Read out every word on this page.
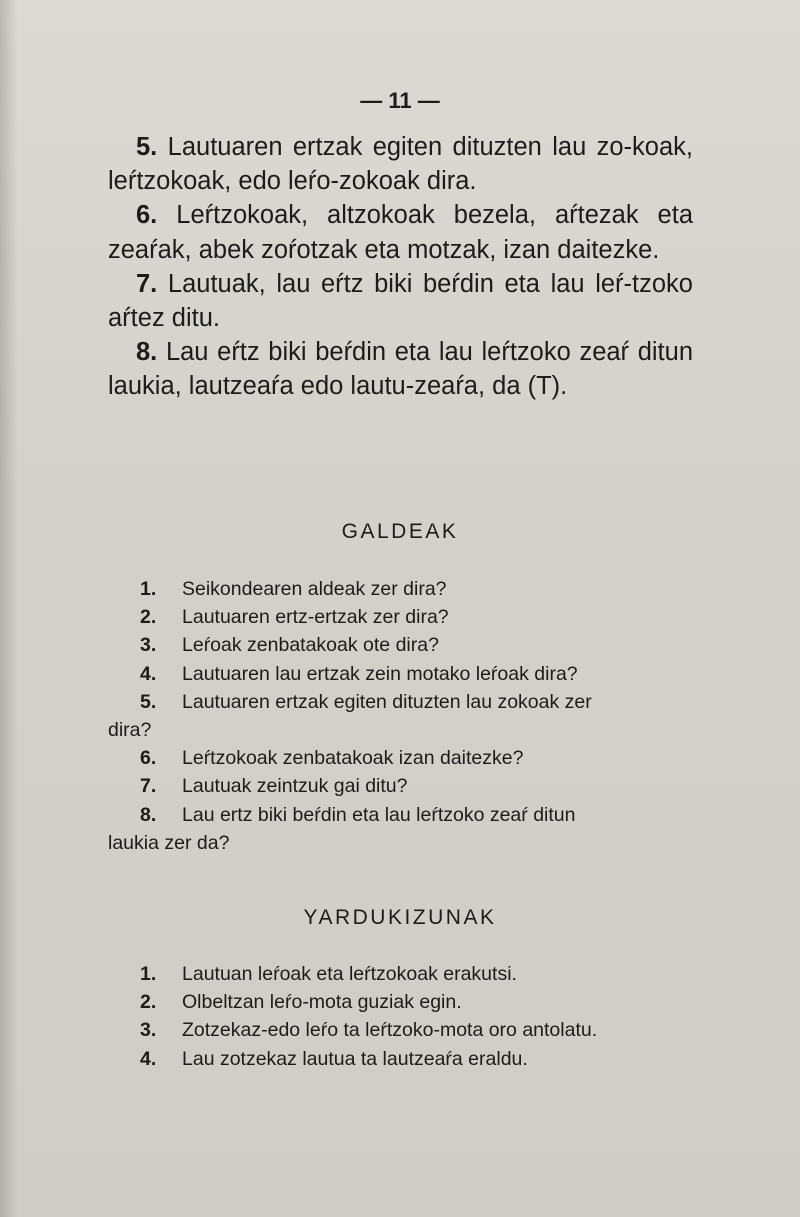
— 11 —

5. Lautuaren ertzak egiten dituzten lau zo-koak, leŕtzokoak, edo leŕo-zokoak dira.

6. Leŕtzokoak, altzokoak bezela, aŕtezak eta zeaŕak, abek zoŕotzak eta motzak, izan daitezke.

7. Lautuak, lau eŕtz biki beŕdin eta lau leŕ-tzoko aŕtez ditu.

8. Lau eŕtz biki beŕdin eta lau leŕtzoko zeaŕ ditun laukia, lautzeaŕa edo lautu-zeaŕa, da (T).

GALDEAK

1. Seikondearen aldeak zer dira?

2. Lautuaren ertz-ertzak zer dira?

3. Leŕoak zenbatakoak ote dira?

4. Lautuaren lau ertzak zein motako leŕoak dira?

5. Lautuaren ertzak egiten dituzten lau zokoak zer

dira?

6. Leŕtzokoak zenbatakoak izan daitezke?

7. Lautuak zeintzuk gai ditu?

8. Lau ertz biki beŕdin eta lau leŕtzoko zeaŕ ditun

laukia zer da?

YARDUKIZUNAK

1. Lautuan leŕoak eta leŕtzokoak erakutsi.

2. Olbeltzan leŕo-mota guziak egin.

3. Zotzekaz-edo leŕo ta leŕtzoko-mota oro antolatu.

4. Lau zotzekaz lautua ta lautzeaŕa eraldu.
